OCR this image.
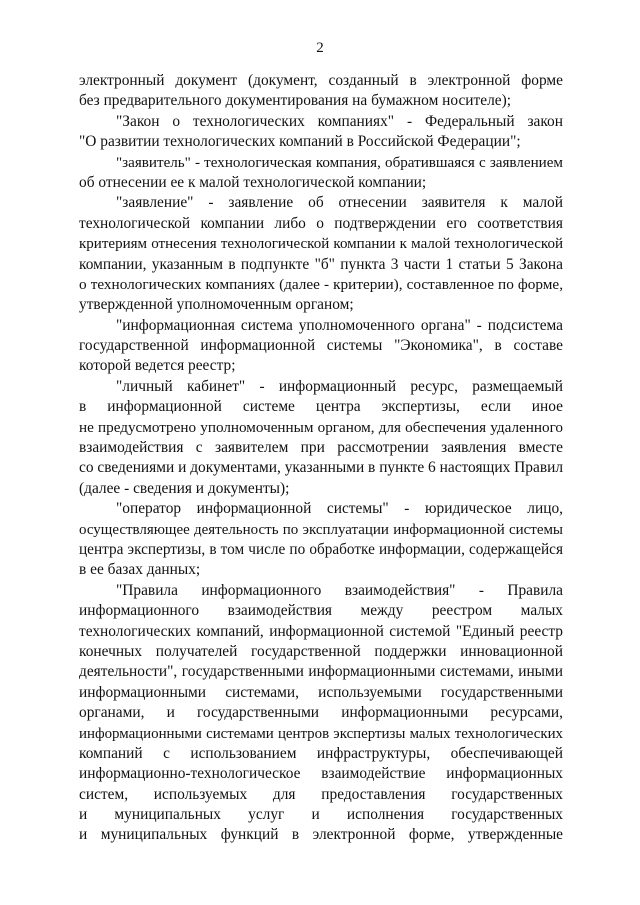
2
электронный документ (документ, созданный в электронной форме
без предварительного документирования на бумажном носителе);
"Закон о технологических компаниях" - Федеральный закон
"О развитии технологических компаний в Российской Федерации";
"заявитель" - технологическая компания, обратившаяся с заявлением
об отнесении ее к малой технологической компании;
"заявление" - заявление об отнесении заявителя к малой
технологической компании либо о подтверждении его соответствия
критериям отнесения технологической компании к малой технологической
компании, указанным в подпункте "б" пункта 3 части 1 статьи 5 Закона
о технологических компаниях (далее - критерии), составленное по форме,
утвержденной уполномоченным органом;
"информационная система уполномоченного органа" - подсистема
государственной информационной системы "Экономика", в составе
которой ведется реестр;
"личный кабинет" - информационный ресурс, размещаемый
в информационной системе центра экспертизы, если иное
не предусмотрено уполномоченным органом, для обеспечения удаленного
взаимодействия с заявителем при рассмотрении заявления вместе
со сведениями и документами, указанными в пункте 6 настоящих Правил
(далее - сведения и документы);
"оператор информационной системы" - юридическое лицо,
осуществляющее деятельность по эксплуатации информационной системы
центра экспертизы, в том числе по обработке информации, содержащейся
в ее базах данных;
"Правила информационного взаимодействия" - Правила
информационного взаимодействия между реестром малых
технологических компаний, информационной системой "Единый реестр
конечных получателей государственной поддержки инновационной
деятельности", государственными информационными системами, иными
информационными системами, используемыми государственными
органами, и государственными информационными ресурсами,
информационными системами центров экспертизы малых технологических
компаний с использованием инфраструктуры, обеспечивающей
информационно-технологическое взаимодействие информационных
систем, используемых для предоставления государственных
и муниципальных услуг и исполнения государственных
и муниципальных функций в электронной форме, утвержденные
